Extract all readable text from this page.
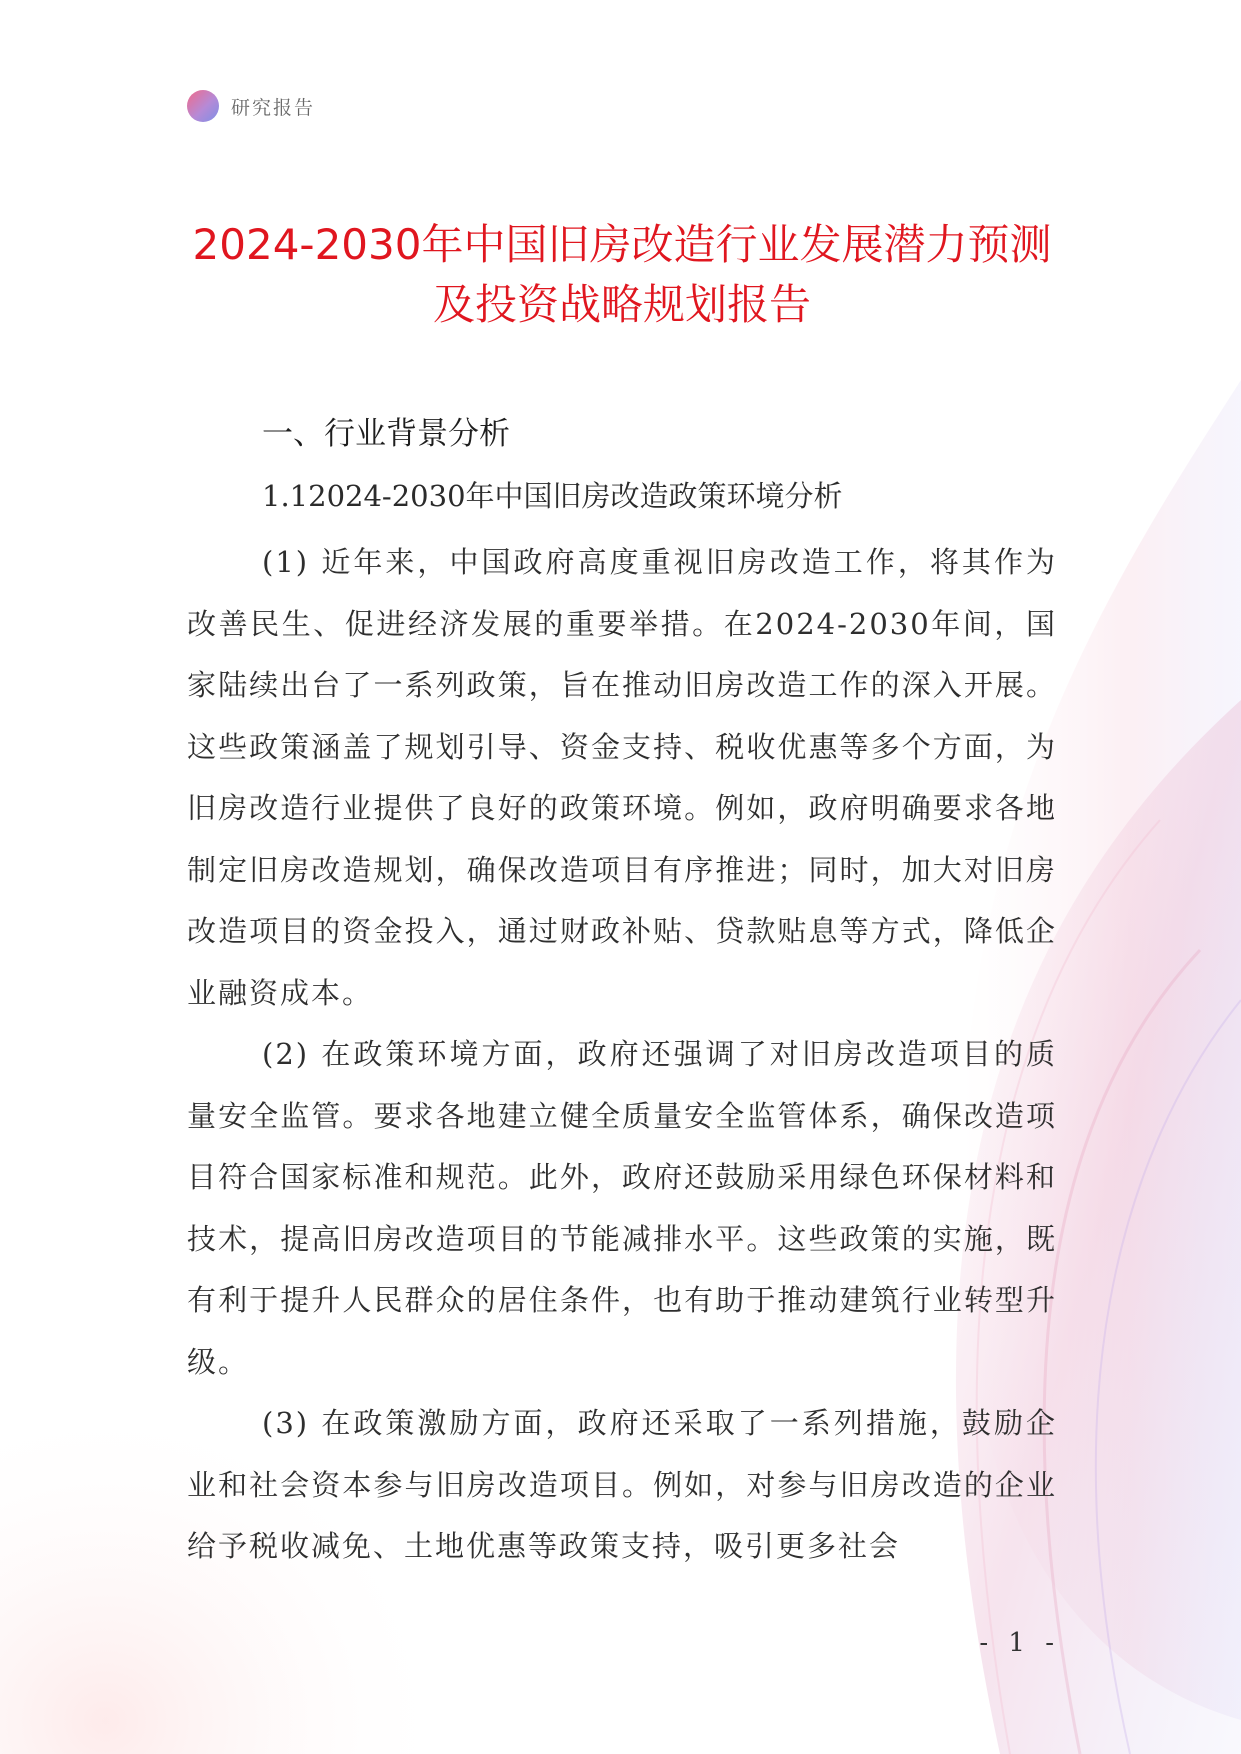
研究报告
2024-2030年中国旧房改造行业发展潜力预测及投资战略规划报告
一、行业背景分析
1.12024-2030年中国旧房改造政策环境分析

(1) 近年来，中国政府高度重视旧房改造工作，将其作为改善民生、促进经济发展的重要举措。在2024-2030年间，国家陆续出台了一系列政策，旨在推动旧房改造工作的深入开展。这些政策涵盖了规划引导、资金支持、税收优惠等多个方面，为旧房改造行业提供了良好的政策环境。例如，政府明确要求各地制定旧房改造规划，确保改造项目有序推进；同时，加大对旧房改造项目的资金投入，通过财政补贴、贷款贴息等方式，降低企业融资成本。

(2) 在政策环境方面，政府还强调了对旧房改造项目的质量安全监管。要求各地建立健全质量安全监管体系，确保改造项目符合国家标准和规范。此外，政府还鼓励采用绿色环保材料和技术，提高旧房改造项目的节能减排水平。这些政策的实施，既有利于提升人民群众的居住条件，也有助于推动建筑行业转型升级。

(3) 在政策激励方面，政府还采取了一系列措施，鼓励企业和社会资本参与旧房改造项目。例如，对参与旧房改造的企业给予税收减免、土地优惠等政策支持，吸引更多社会

- 1 -
